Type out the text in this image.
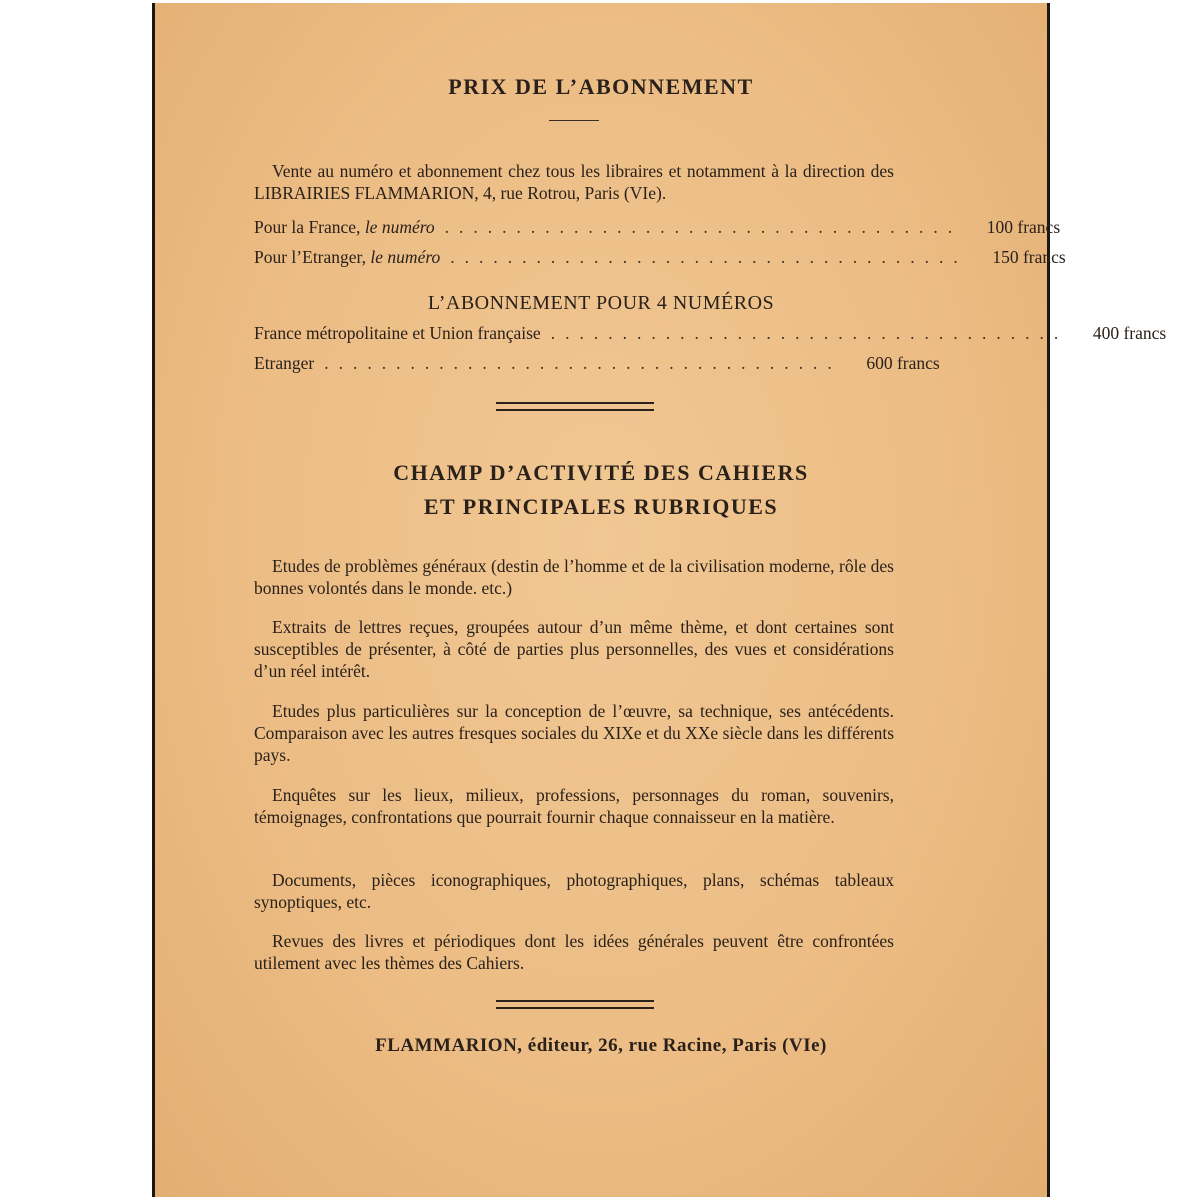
PRIX DE L’ABONNEMENT

Vente au numéro et abonnement chez tous les libraires et notamment à la direction des LIBRAIRIES FLAMMARION, 4, rue Rotrou, Paris (VIe).

Pour la France, le numéro ....................................	100 francs
Pour l’Etranger, le numéro ....................................	150 francs
L’ABONNEMENT POUR 4 NUMÉROS
France métropolitaine et Union française ....................................	400 francs
Etranger ....................................	600 francs
CHAMP D’ACTIVITÉ DES CAHIERS
ET PRINCIPALES RUBRIQUES

Etudes de problèmes généraux (destin de l’homme et de la civilisation moderne, rôle des bonnes volontés dans le monde. etc.)

Extraits de lettres reçues, groupées autour d’un même thème, et dont certaines sont susceptibles de présenter, à côté de parties plus personnelles, des vues et considérations d’un réel intérêt.

Etudes plus particulières sur la conception de l’œuvre, sa technique, ses antécédents. Comparaison avec les autres fresques sociales du XIXe et du XXe siècle dans les différents pays.

Enquêtes sur les lieux, milieux, professions, personnages du roman, souvenirs, témoignages, confrontations que pourrait fournir chaque connaisseur en la matière.

Documents, pièces iconographiques, photographiques, plans, schémas tableaux synoptiques, etc.

Revues des livres et périodiques dont les idées générales peuvent être confrontées utilement avec les thèmes des Cahiers.

FLAMMARION, éditeur, 26, rue Racine, Paris (VIe)
